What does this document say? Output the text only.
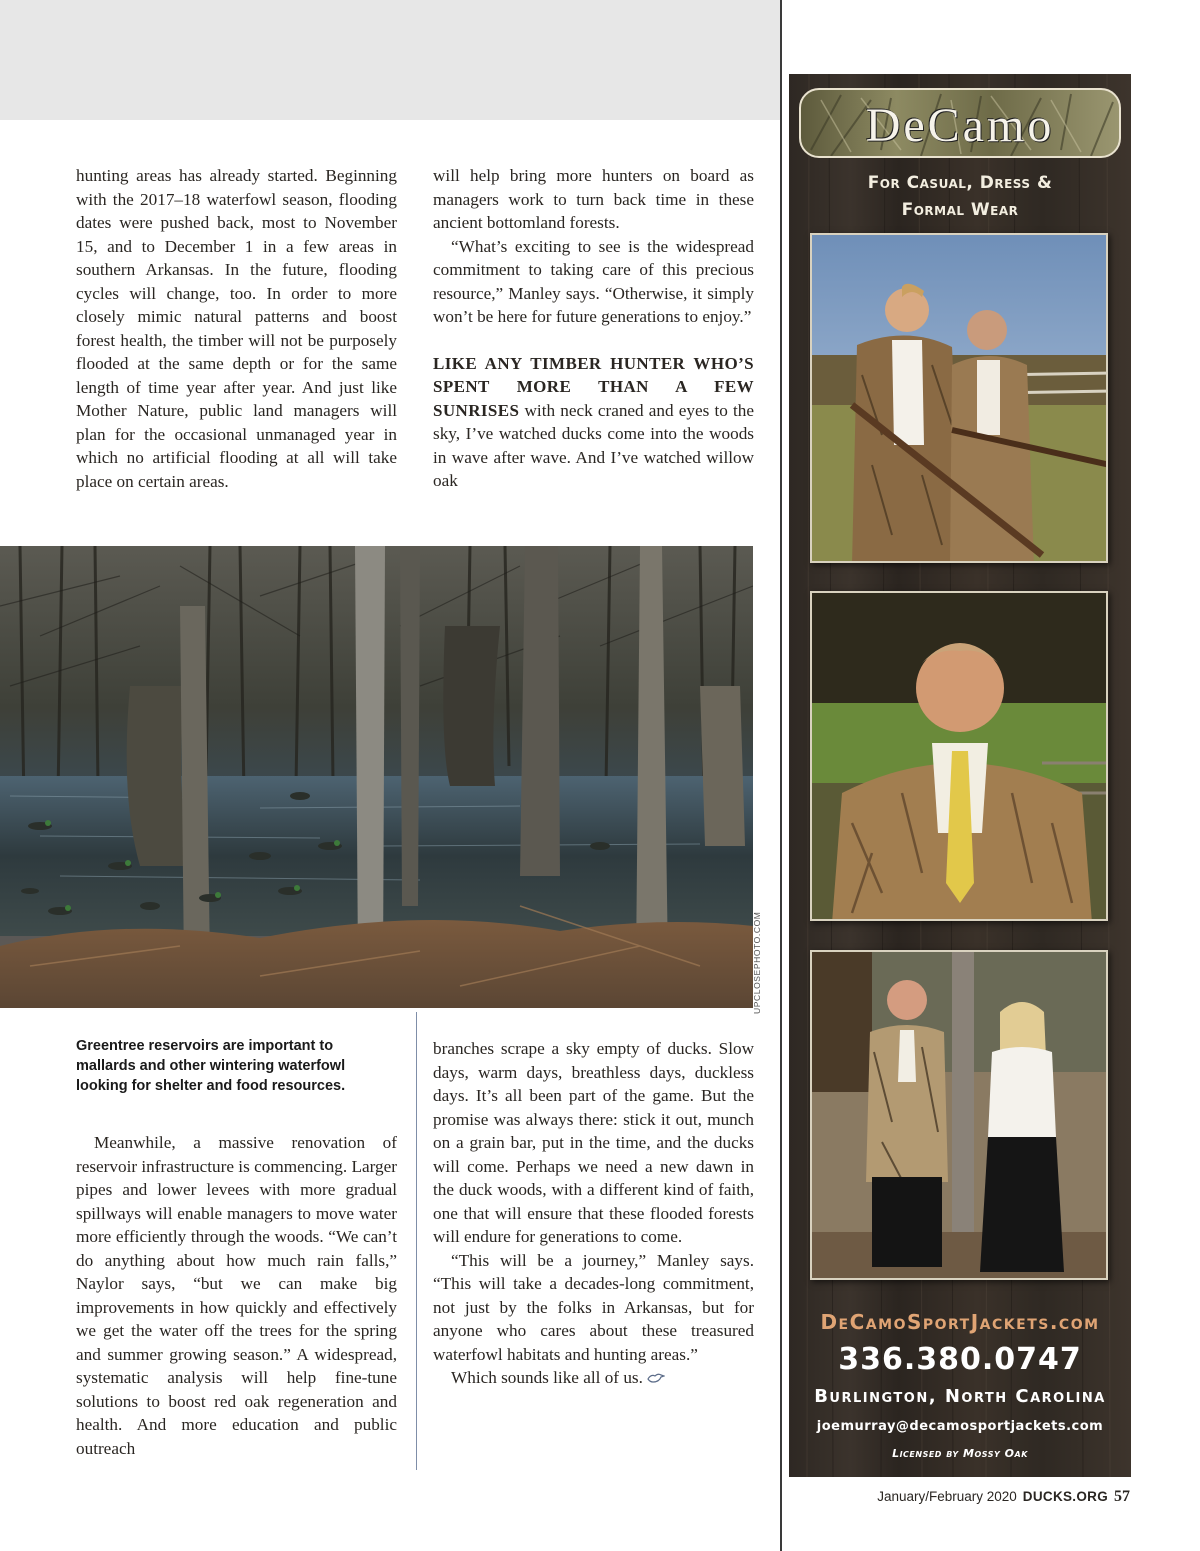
hunting areas has already started. Beginning with the 2017–18 waterfowl season, flooding dates were pushed back, most to November 15, and to December 1 in a few areas in southern Arkansas. In the future, flooding cycles will change, too. In order to more closely mimic natural patterns and boost forest health, the timber will not be purposely flooded at the same depth or for the same length of time year after year. And just like Mother Nature, public land managers will plan for the occasional unmanaged year in which no artificial flooding at all will take place on certain areas.

will help bring more hunters on board as managers work to turn back time in these ancient bottomland forests.

“What’s exciting to see is the widespread commitment to taking care of this precious resource,” Manley says. “Otherwise, it simply won’t be here for future generations to enjoy.”

LIKE ANY TIMBER HUNTER WHO’S SPENT MORE THAN A FEW SUNRISES with neck craned and eyes to the sky, I’ve watched ducks come into the woods in wave after wave. And I’ve watched willow oak

UPCLOSEPHOTO.COM
Greentree reservoirs are important to mallards and other wintering waterfowl looking for shelter and food resources.

Meanwhile, a massive renovation of reservoir infrastructure is commencing. Larger pipes and lower levees with more gradual spillways will enable managers to move water more efficiently through the woods. “We can’t do anything about how much rain falls,” Naylor says, “but we can make big improvements in how quickly and effectively we get the water off the trees for the spring and summer growing season.” A widespread, systematic analysis will help fine-tune solutions to boost red oak regeneration and health. And more education and public outreach

branches scrape a sky empty of ducks. Slow days, warm days, breathless days, duckless days. It’s all been part of the game. But the promise was always there: stick it out, munch on a grain bar, put in the time, and the ducks will come. Perhaps we need a new dawn in the duck woods, with a different kind of faith, one that will ensure that these flooded forests will endure for generations to come.

“This will be a journey,” Manley says. “This will take a decades-long commitment, not just by the folks in Arkansas, but for anyone who cares about these treasured waterfowl habitats and hunting areas.”

Which sounds like all of us.

DeCamo
For Casual, Dress &
Formal Wear
DeCamoSportJackets.com
336.380.0747
Burlington, North Carolina
joemurray@decamosportjackets.com
Licensed by Mossy Oak
January/February 2020 DUCKS.ORG 57
